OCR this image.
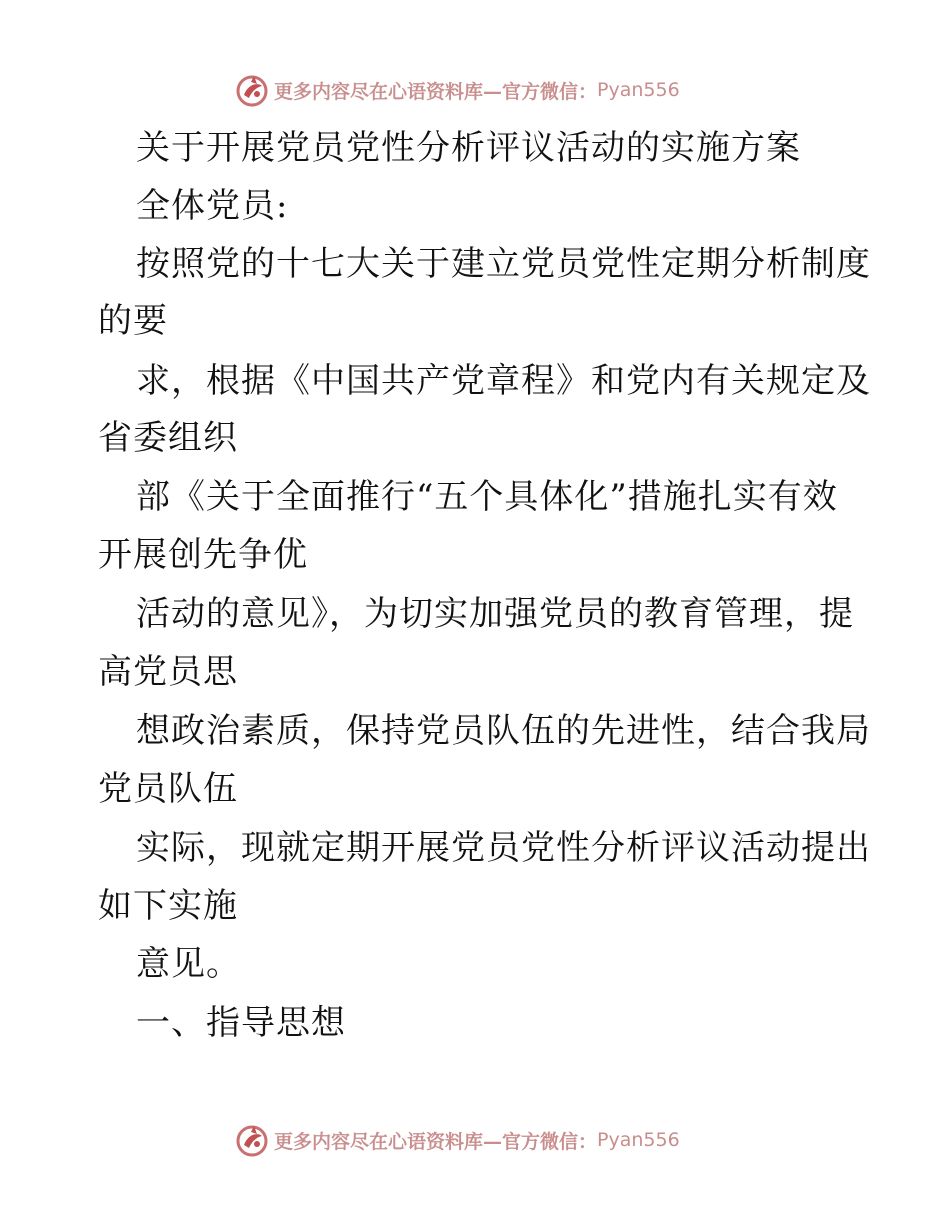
更多内容尽在心语资料库—官方微信： Pyan556
关于开展党员党性分析评议活动的实施方案
全体党员:
按照党的十七大关于建立党员党性定期分析制度
的要
求，根据《中国共产党章程》和党内有关规定及
省委组织
部《关于全面推行“五个具体化”措施扎实有效
开展创先争优
活动的意见》，为切实加强党员的教育管理，提
高党员思
想政治素质，保持党员队伍的先进性，结合我局
党员队伍
实际，现就定期开展党员党性分析评议活动提出
如下实施
意见。
一、指导思想
更多内容尽在心语资料库—官方微信： Pyan556
